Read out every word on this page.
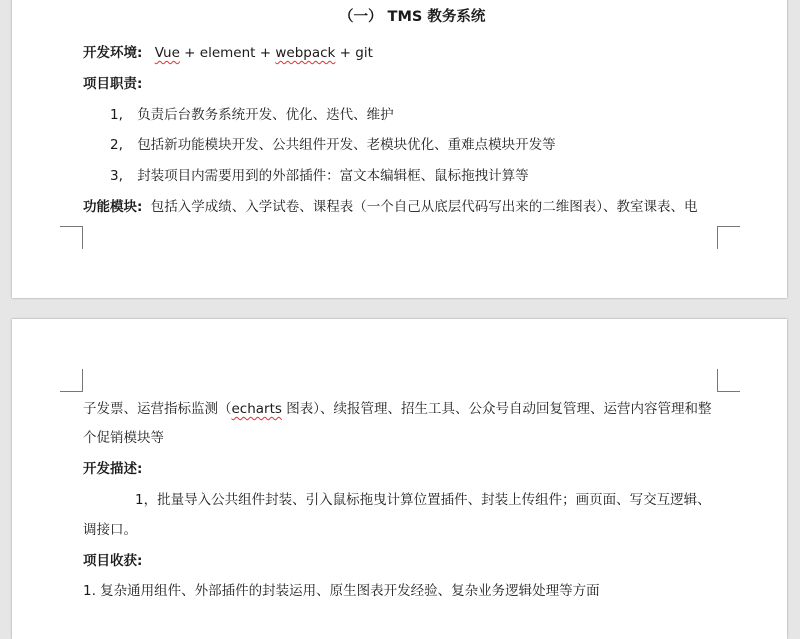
（一） TMS 教务系统
开发环境: Vue + element + webpack + git
项目职责:
1, 负责后台教务系统开发、优化、迭代、维护
2, 包括新功能模块开发、公共组件开发、老模块优化、重难点模块开发等
3, 封装项目内需要用到的外部插件：富文本编辑框、鼠标拖拽计算等
功能模块: 包括入学成绩、入学试卷、课程表（一个自己从底层代码写出来的二维图表）、教室课表、电
子发票、运营指标监测（echarts 图表）、续报管理、招生工具、公众号自动回复管理、运营内容管理和整
个促销模块等
开发描述:
1，批量导入公共组件封装、引入鼠标拖曳计算位置插件、封装上传组件；画页面、写交互逻辑、
调接口。
项目收获:
1. 复杂通用组件、外部插件的封装运用、原生图表开发经验、复杂业务逻辑处理等方面
